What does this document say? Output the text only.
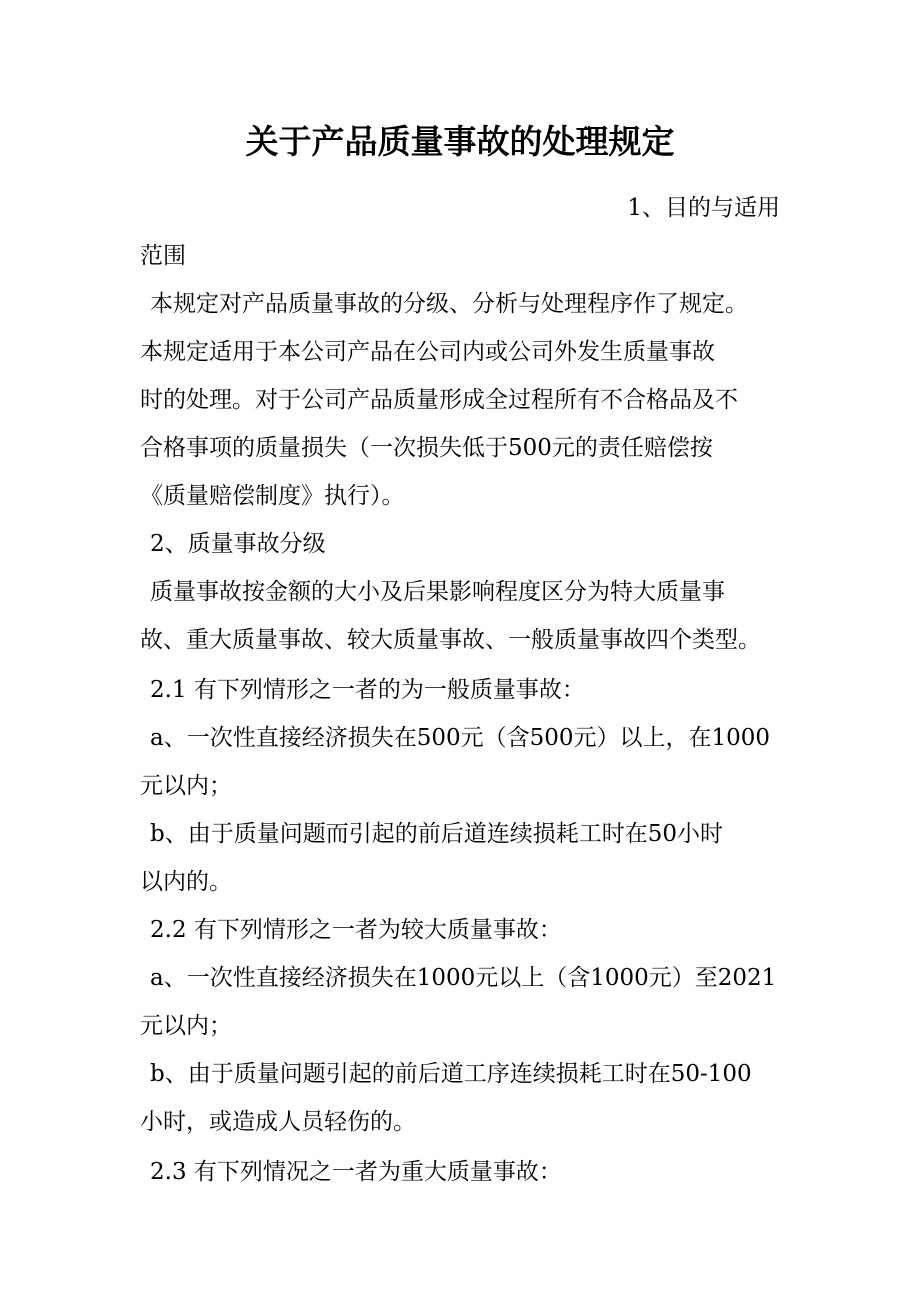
关于产品质量事故的处理规定

1、目的与适用

范围

本规定对产品质量事故的分级、分析与处理程序作了规定。

本规定适用于本公司产品在公司内或公司外发生质量事故

时的处理。对于公司产品质量形成全过程所有不合格品及不

合格事项的质量损失（一次损失低于500元的责任赔偿按

《质量赔偿制度》执行）。

2、质量事故分级

质量事故按金额的大小及后果影响程度区分为特大质量事

故、重大质量事故、较大质量事故、一般质量事故四个类型。

2.1 有下列情形之一者的为一般质量事故：

a、一次性直接经济损失在500元（含500元）以上，在1000

元以内；

b、由于质量问题而引起的前后道连续损耗工时在50小时

以内的。

2.2 有下列情形之一者为较大质量事故：

a、一次性直接经济损失在1000元以上（含1000元）至2021

元以内；

b、由于质量问题引起的前后道工序连续损耗工时在50-100

小时，或造成人员轻伤的。

2.3 有下列情况之一者为重大质量事故：
